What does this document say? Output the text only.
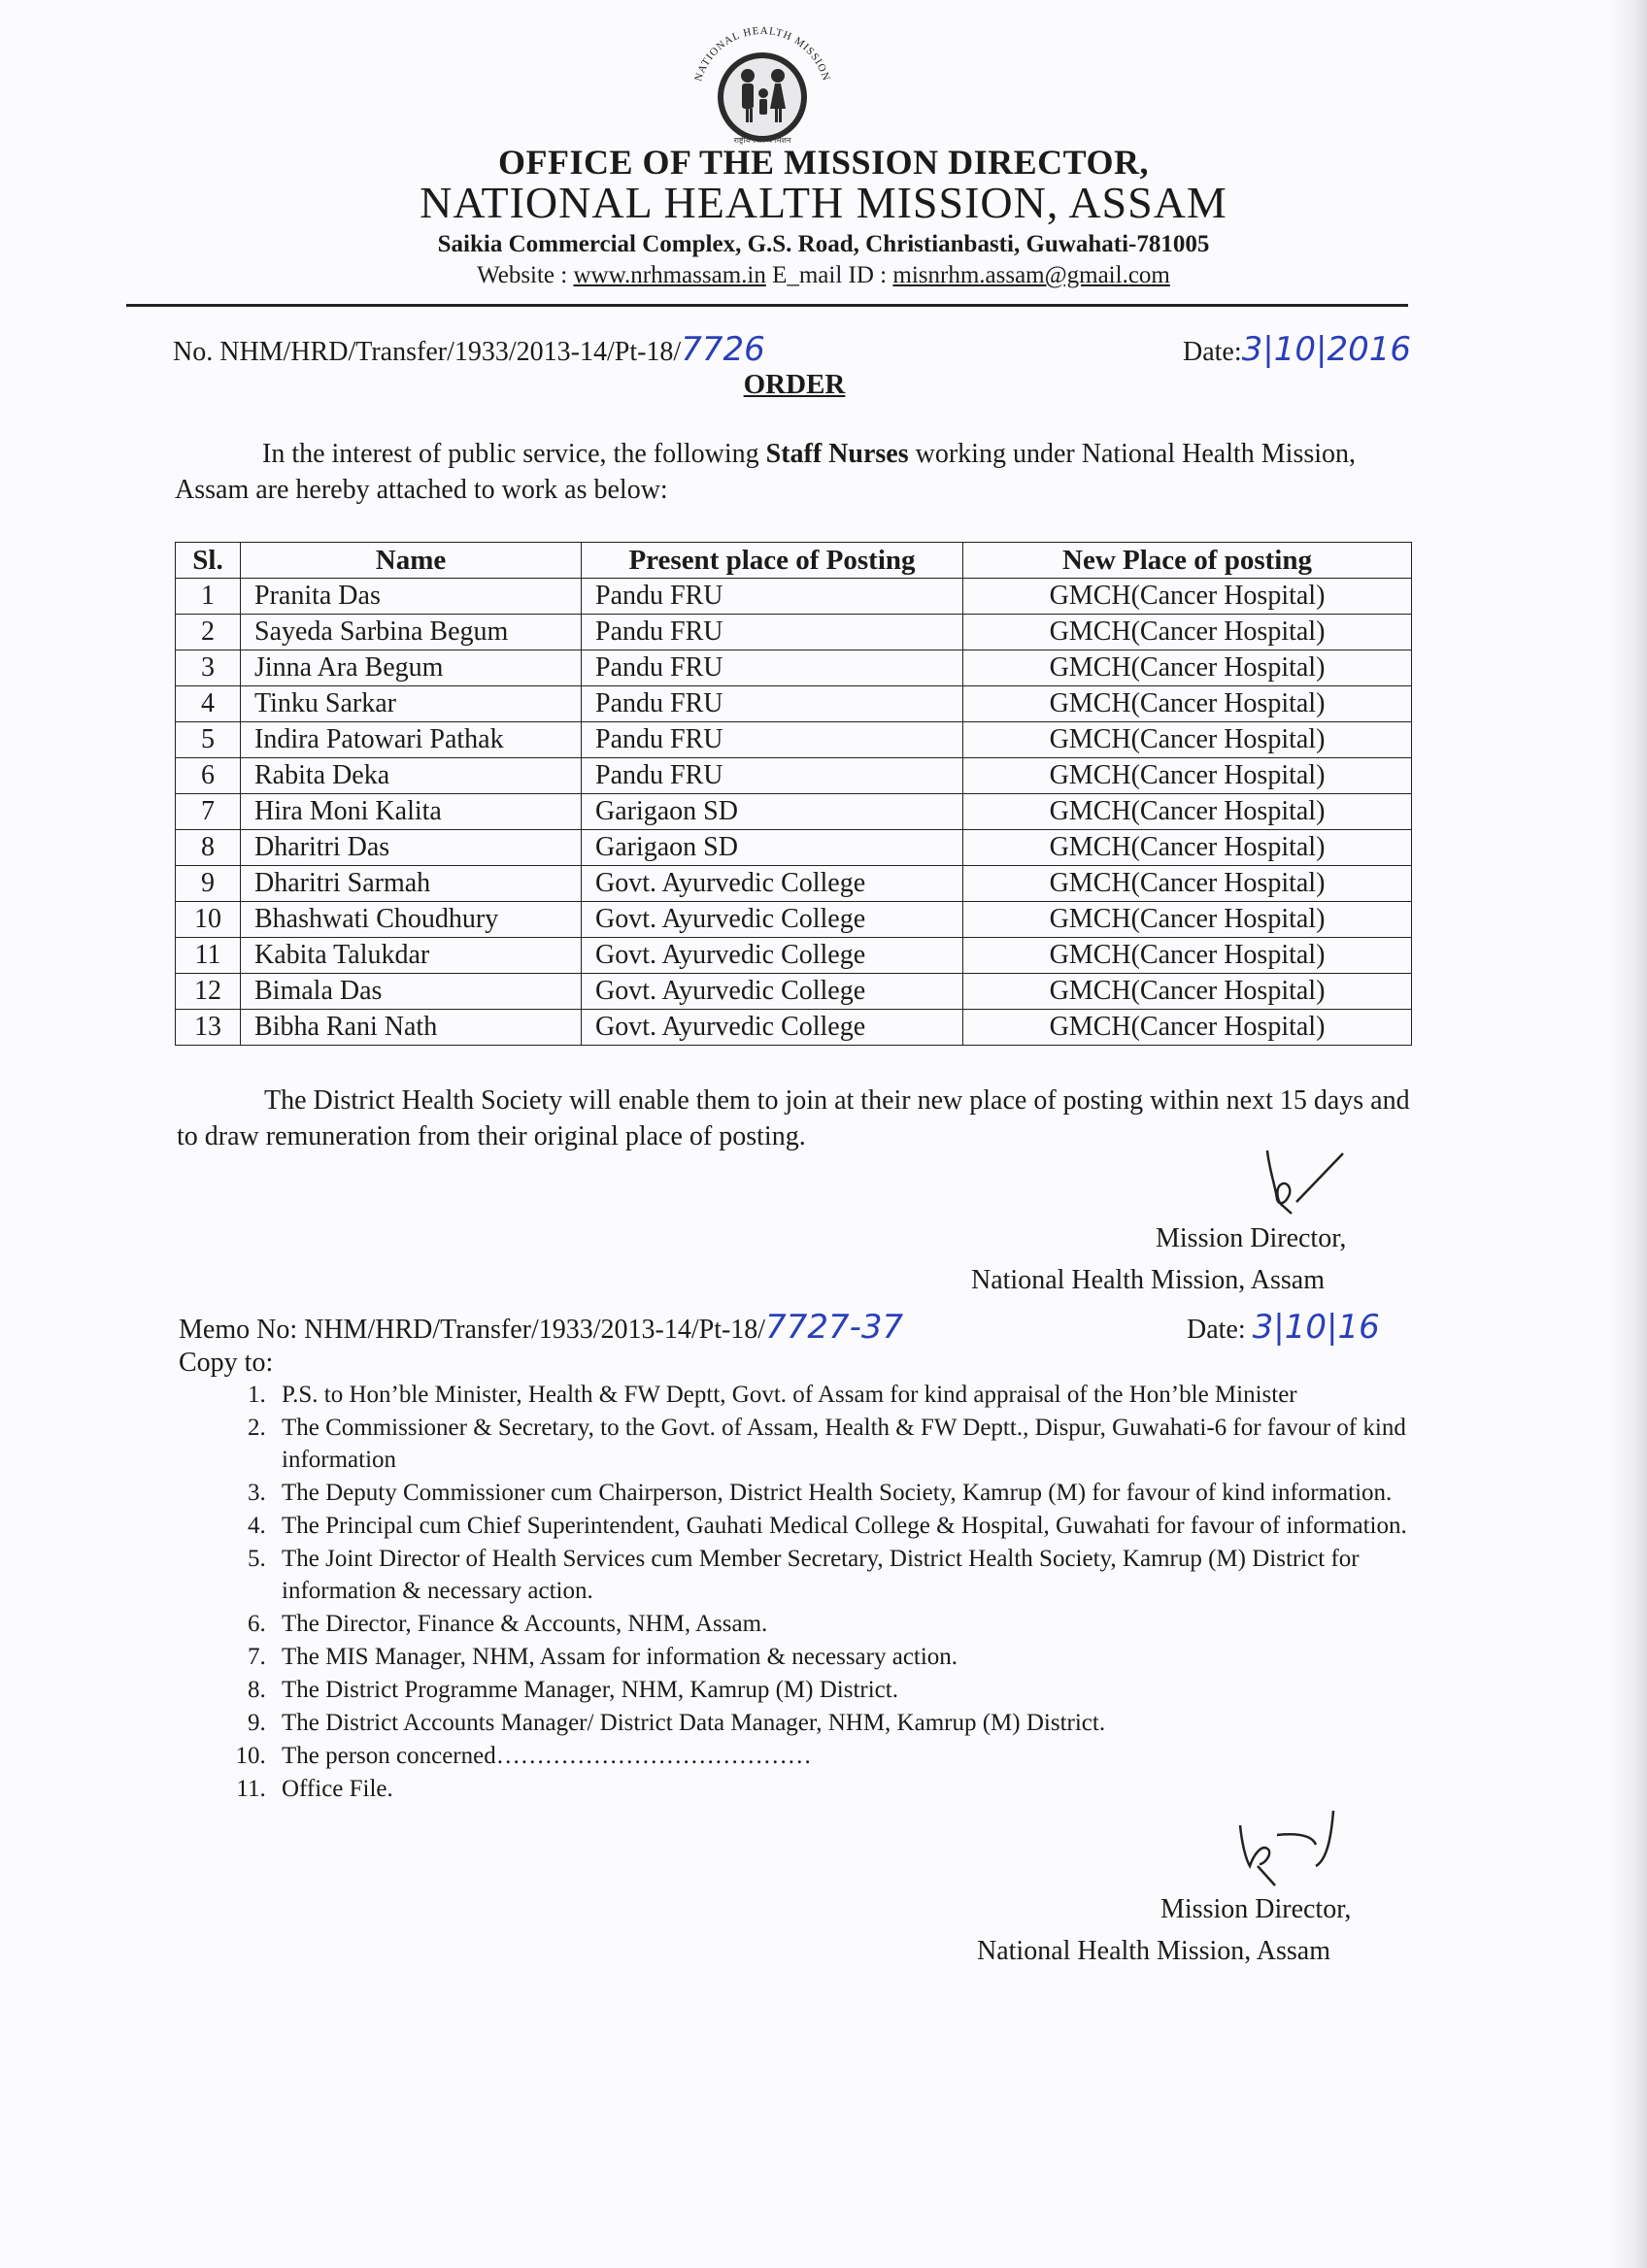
NATIONAL HEALTH MISSION
राष्ट्रीय स्वास्थ्य मिशन
OFFICE OF THE MISSION DIRECTOR,
NATIONAL HEALTH MISSION, ASSAM
Saikia Commercial Complex, G.S. Road, Christianbasti, Guwahati-781005
Website : www.nrhmassam.in E_mail ID : misnrhm.assam@gmail.com
No. NHM/HRD/Transfer/1933/2013-14/Pt-18/7726	Date:3|10|2016
ORDER
In the interest of public service, the following Staff Nurses working under National Health Mission, Assam are hereby attached to work as below:
Sl.	Name	Present place of Posting	New Place of posting
1	Pranita Das	Pandu FRU	GMCH(Cancer Hospital)
2	Sayeda Sarbina Begum	Pandu FRU	GMCH(Cancer Hospital)
3	Jinna Ara Begum	Pandu FRU	GMCH(Cancer Hospital)
4	Tinku Sarkar	Pandu FRU	GMCH(Cancer Hospital)
5	Indira Patowari Pathak	Pandu FRU	GMCH(Cancer Hospital)
6	Rabita Deka	Pandu FRU	GMCH(Cancer Hospital)
7	Hira Moni Kalita	Garigaon SD	GMCH(Cancer Hospital)
8	Dharitri Das	Garigaon SD	GMCH(Cancer Hospital)
9	Dharitri Sarmah	Govt. Ayurvedic College	GMCH(Cancer Hospital)
10	Bhashwati Choudhury	Govt. Ayurvedic College	GMCH(Cancer Hospital)
11	Kabita Talukdar	Govt. Ayurvedic College	GMCH(Cancer Hospital)
12	Bimala Das	Govt. Ayurvedic College	GMCH(Cancer Hospital)
13	Bibha Rani Nath	Govt. Ayurvedic College	GMCH(Cancer Hospital)
The District Health Society will enable them to join at their new place of posting within next 15 days and to draw remuneration from their original place of posting.
Mission Director,
National Health Mission, Assam
Memo No: NHM/HRD/Transfer/1933/2013-14/Pt-18/7727-37	Date: 3|10|16
Copy to:
1. P.S. to Hon’ble Minister, Health & FW Deptt, Govt. of Assam for kind appraisal of the Hon’ble Minister
2. The Commissioner & Secretary, to the Govt. of Assam, Health & FW Deptt., Dispur, Guwahati-6 for favour of kind information
3. The Deputy Commissioner cum Chairperson, District Health Society, Kamrup (M) for favour of kind information.
4. The Principal cum Chief Superintendent, Gauhati Medical College & Hospital, Guwahati for favour of information.
5. The Joint Director of Health Services cum Member Secretary, District Health Society, Kamrup (M) District for information & necessary action.
6. The Director, Finance & Accounts, NHM, Assam.
7. The MIS Manager, NHM, Assam for information & necessary action.
8. The District Programme Manager, NHM, Kamrup (M) District.
9. The District Accounts Manager/ District Data Manager, NHM, Kamrup (M) District.
10. The person concerned…………………………………
11. Office File.
Mission Director,
National Health Mission, Assam
